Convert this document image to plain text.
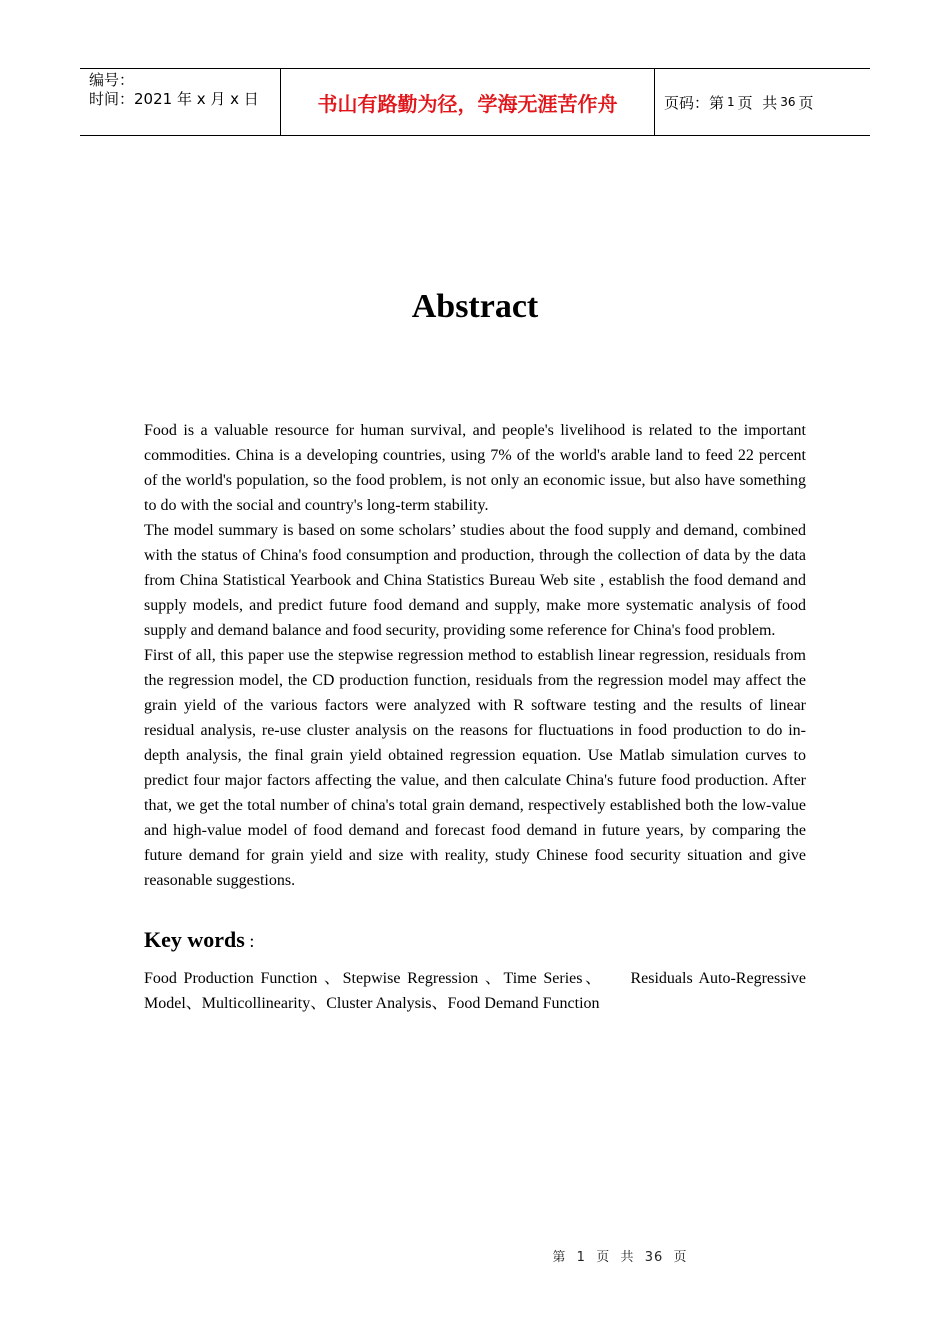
编号：
时间：2021 年 x 月 x 日	书山有路勤为径，学海无涯苦作舟	页码：第 1 页  共 36 页
Abstract

Food is a valuable resource for human survival, and people's livelihood is related to the important commodities. China is a developing countries, using 7% of the world's arable land to feed 22 percent of the world's population, so the food problem, is not only an economic issue, but also have something to do with the social and country's long-term stability.

The model summary is based on some scholars’ studies about the food supply and demand, combined with the status of China's food consumption and production, through the collection of data by the data from China Statistical Yearbook and China Statistics Bureau Web site , establish the food demand and supply models, and predict future food demand and supply, make more systematic analysis of food supply and demand balance and food security, providing some reference for China's food problem.

First of all, this paper use the stepwise regression method to establish linear regression, residuals from the regression model, the CD production function, residuals from the regression model may affect the grain yield of the various factors were analyzed with R software testing and the results of linear residual analysis, re-use cluster analysis on the reasons for fluctuations in food production to do in-depth analysis, the final grain yield obtained regression equation. Use Matlab simulation curves to predict four major factors affecting the value, and then calculate China's future food production. After that, we get the total number of china's total grain demand, respectively established both the low-value and high-value model of food demand and forecast food demand in future years, by comparing the future demand for grain yield and size with reality, study Chinese food security situation and give reasonable suggestions.

Key words :
Food Production Function 、Stepwise Regression 、Time Series、    Residuals Auto-Regressive Model、Multicollinearity、Cluster Analysis、Food Demand Function
第  1  页  共  36  页
